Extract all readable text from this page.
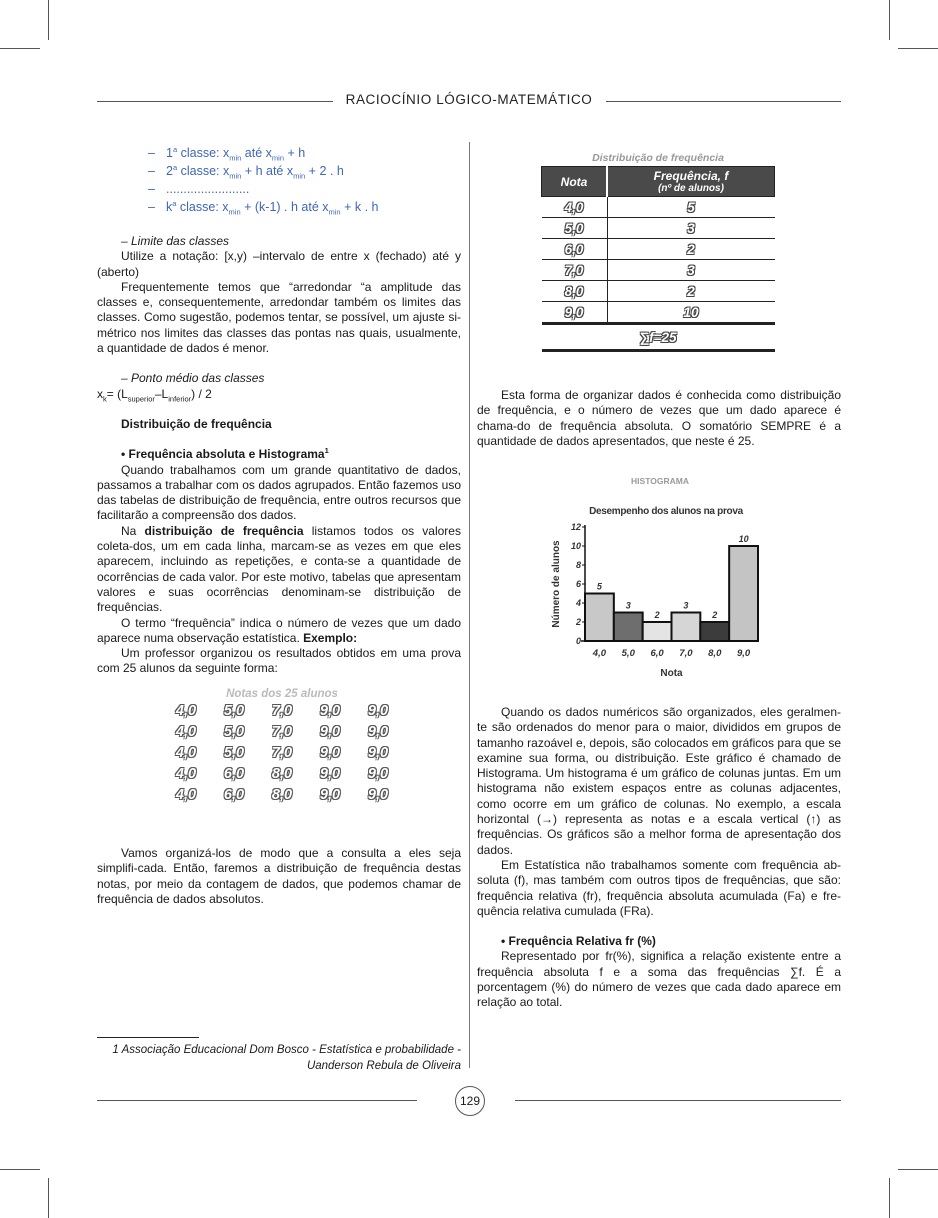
RACIOCÍNIO LÓGICO-MATEMÁTICO
– 1$^a$ classe: $x_{min}$ até $x_{min} + h$
– 2$^a$ classe: $x_{min} + h$ até $x_{min} + 2$ . h
– ........................
– $k^a$ classe: $x_{min} + (k-1)$ . h até $x_{min} + k$ . h

– Limite das classes

Utilize a notação: [x,y) –intervalo de entre x (fechado) até y (aberto)

Frequentemente temos que “arredondar “a amplitude das classes e, consequentemente, arredondar também os limites das classes. Como sugestão, podemos tentar, se possível, um ajuste si-métrico nos limites das classes das pontas nas quais, usualmente, a quantidade de dados é menor.

– Ponto médio das classes

$x_k= (L_{superior}-L_{inferior}) / 2$

Distribuição de frequência

• Frequência absoluta e Histograma$^1$

Quando trabalhamos com um grande quantitativo de dados, passamos a trabalhar com os dados agrupados. Então fazemos uso das tabelas de distribuição de frequência, entre outros recursos que facilitarão a compreensão dos dados.

Na distribuição de frequência listamos todos os valores coleta-dos, um em cada linha, marcam-se as vezes em que eles aparecem, incluindo as repetições, e conta-se a quantidade de ocorrências de cada valor. Por este motivo, tabelas que apresentam valores e suas ocorrências denominam-se distribuição de frequências.

O termo “frequência” indica o número de vezes que um dado aparece numa observação estatística. Exemplo:

Um professor organizou os resultados obtidos em uma prova com 25 alunos da seguinte forma:

Notas dos 25 alunos
4,0	5,0	7,0	9,0	9,0
4,0	5,0	7,0	9,0	9,0
4,0	5,0	7,0	9,0	9,0
4,0	6,0	8,0	9,0	9,0
4,0	6,0	8,0	9,0	9,0

Vamos organizá-los de modo que a consulta a eles seja simplifi-cada. Então, faremos a distribuição de frequência destas notas, por meio da contagem de dados, que podemos chamar de frequência de dados absolutos.

1 Associação Educacional Dom Bosco - Estatística e probabilidade -
Uanderson Rebula de Oliveira
Distribuição de frequência
Nota	Frequência, f
(nº de alunos)

4,0	5
5,0	3
6,0	2
7,0	3
8,0	2
9,0	10
∑f=25	

Esta forma de organizar dados é conhecida como distribuição de frequência, e o número de vezes que um dado aparece é chama-do de frequência absoluta. O somatório SEMPRE é a quantidade de dados apresentados, que neste é 25.

HISTOGRAMA
Desempenho dos alunos na prova
5
4,0
3
5,0
2
6,0
3
7,0
2
8,0
10
9,0
0
2
4
6
8
10
12
Nota
Número de alunos

Quando os dados numéricos são organizados, eles geralmen-te são ordenados do menor para o maior, divididos em grupos de tamanho razoável e, depois, são colocados em gráficos para que se examine sua forma, ou distribuição. Este gráfico é chamado de Histograma. Um histograma é um gráfico de colunas juntas. Em um histograma não existem espaços entre as colunas adjacentes, como ocorre em um gráfico de colunas. No exemplo, a escala horizontal (→) representa as notas e a escala vertical (↑) as frequências. Os gráficos são a melhor forma de apresentação dos dados.

Em Estatística não trabalhamos somente com frequência ab-soluta (f), mas também com outros tipos de frequências, que são: frequência relativa (fr), frequência absoluta acumulada (Fa) e fre-quência relativa cumulada (FRa).

• Frequência Relativa fr (%)

Representado por fr(%), significa a relação existente entre a frequência absoluta f e a soma das frequências ∑f. É a porcentagem (%) do número de vezes que cada dado aparece em relação ao total.

129
